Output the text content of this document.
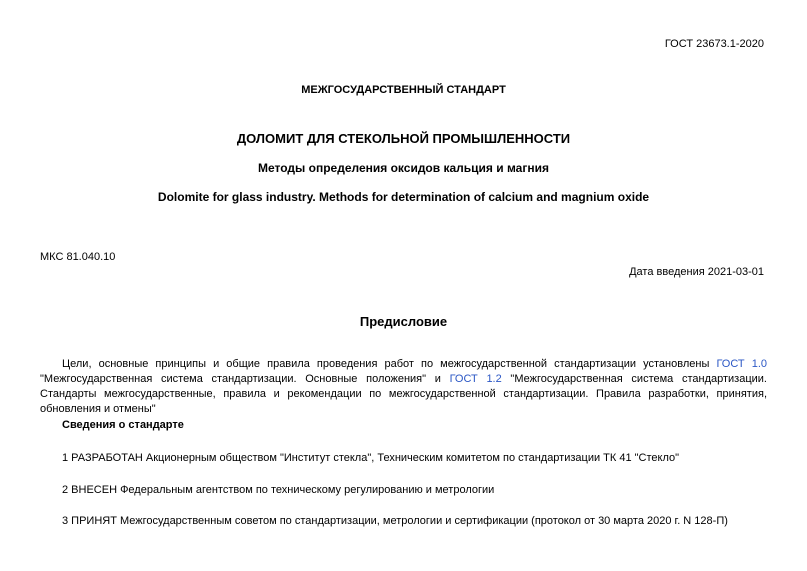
ГОСТ 23673.1-2020
МЕЖГОСУДАРСТВЕННЫЙ СТАНДАРТ
ДОЛОМИТ ДЛЯ СТЕКОЛЬНОЙ ПРОМЫШЛЕННОСТИ
Методы определения оксидов кальция и магния
Dolomite for glass industry. Methods for determination of calcium and magnium oxide
МКС 81.040.10
Дата введения 2021-03-01
Предисловие
Цели, основные принципы и общие правила проведения работ по межгосударственной стандартизации установлены ГОСТ 1.0 "Межгосударственная система стандартизации. Основные положения" и ГОСТ 1.2 "Межгосударственная система стандартизации. Стандарты межгосударственные, правила и рекомендации по межгосударственной стандартизации. Правила разработки, принятия, обновления и отмены"
Сведения о стандарте
1 РАЗРАБОТАН Акционерным обществом "Институт стекла", Техническим комитетом по стандартизации ТК 41 "Стекло"
2 ВНЕСЕН Федеральным агентством по техническому регулированию и метрологии
3 ПРИНЯТ Межгосударственным советом по стандартизации, метрологии и сертификации (протокол от 30 марта 2020 г. N 128-П)
